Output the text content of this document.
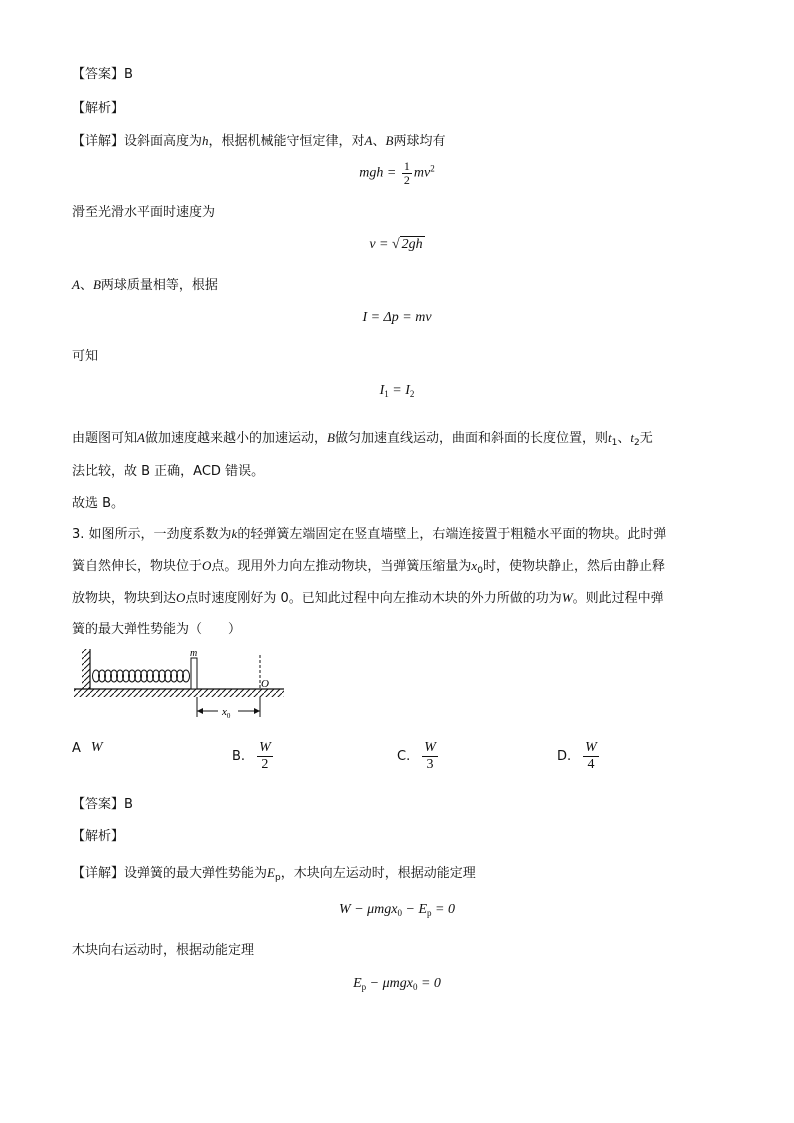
【答案】B
【解析】
【详解】设斜面高度为h，根据机械能守恒定律，对A、B两球均有
mgh = $\frac{1}{2} mv^2$
滑至光滑水平面时速度为
v = √ 2gh
A、B两球质量相等，根据
I = Δp = mv
可知
$I_1 = I_2$
由题图可知A做加速度越来越小的加速运动，B做匀加速直线运动，曲面和斜面的长度位置，则$t_1$、$t_2$无
法比较，故 B 正确，ACD 错误。
故选 B。
3. 如图所示，一劲度系数为k的轻弹簧左端固定在竖直墙壁上，右端连接置于粗糙水平面的物块。此时弹
簧自然伸长，物块位于O点。现用外力向左推动物块，当弹簧压缩量为$x_0$时，使物块静止，然后由静止释
放物块，物块到达O点时速度刚好为 0。已知此过程中向左推动木块的外力所做的功为W。则此过程中弹
簧的最大弹性势能为（　　）
m
O
$x_0$
A W
B. $\frac{W}{2}$	C. $\frac{W}{3}$	D. $\frac{W}{4}$
【答案】B
【解析】
【详解】设弹簧的最大弹性势能为$E_p$，木块向左运动时，根据动能定理
$W - \mu mgx_0 - E_p = 0$
木块向右运动时，根据动能定理
$E_p - \mu mgx_0 = 0$
